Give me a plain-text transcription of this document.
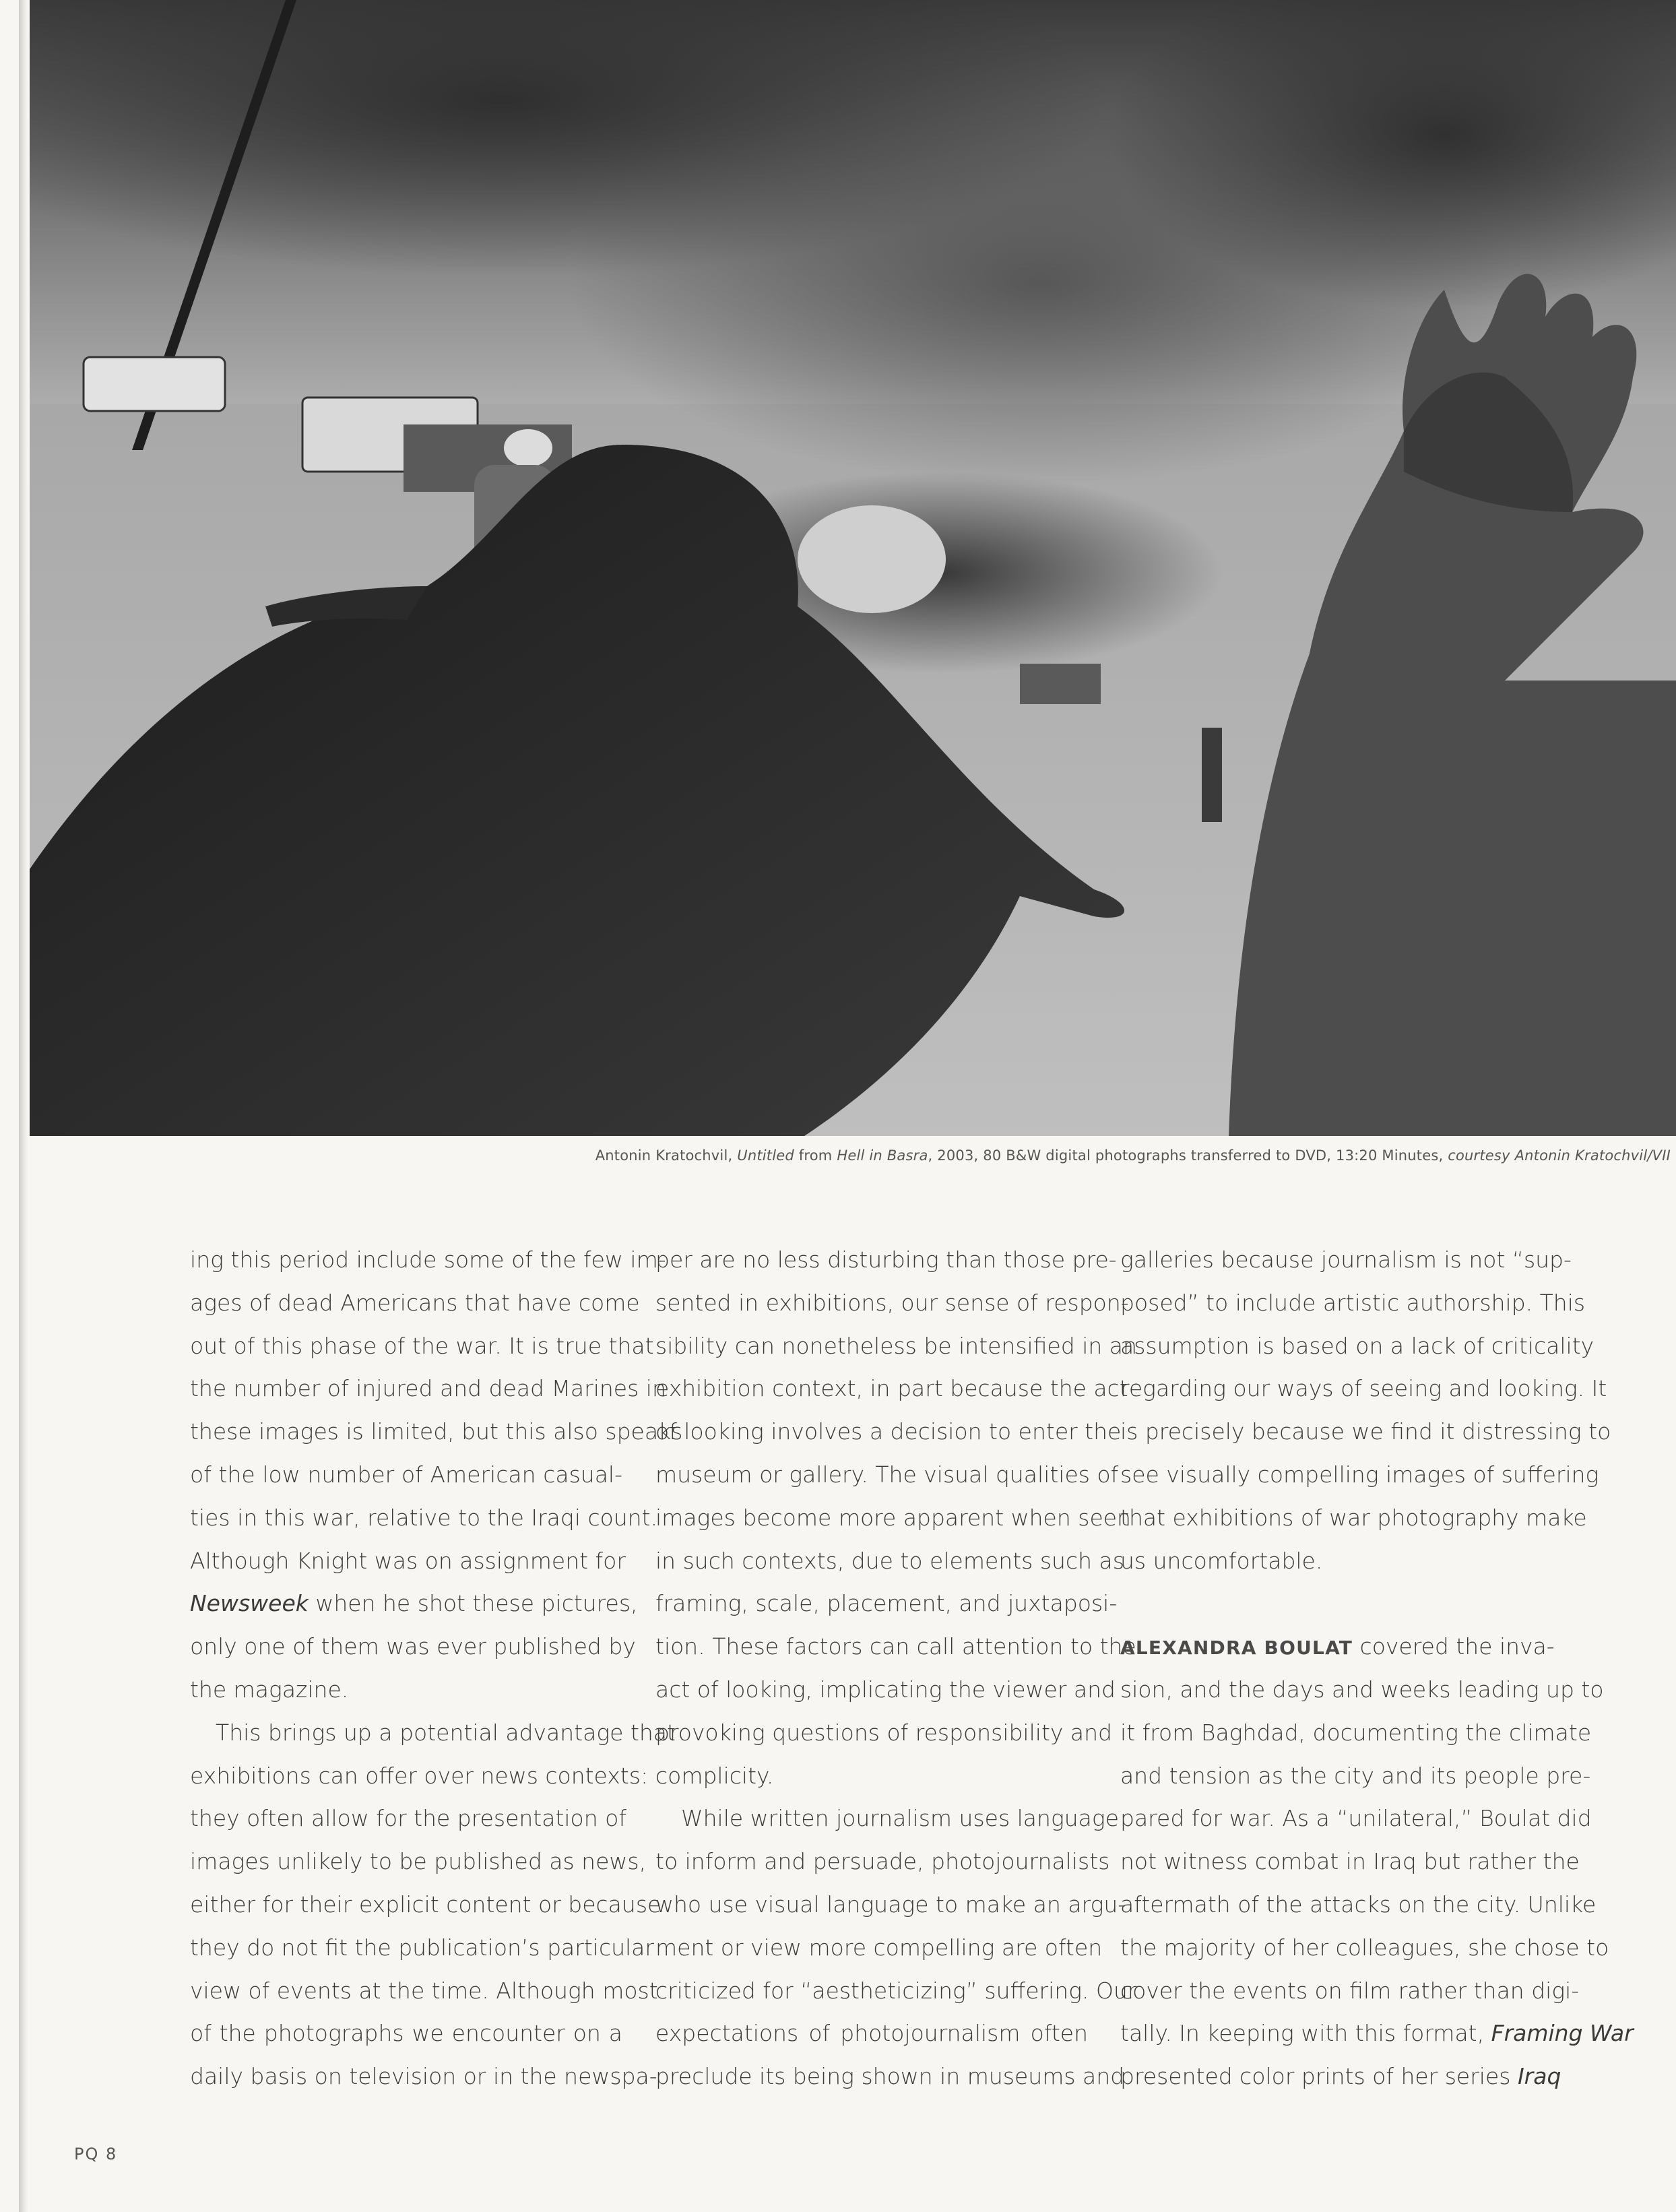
Antonin Kratochvil, Untitled from Hell in Basra, 2003, 80 B&W digital photographs transferred to DVD, 13:20 Minutes, courtesy Antonin Kratochvil/VII
ing this period include some of the few im-
ages of dead Americans that have come
out of this phase of the war. It is true that
the number of injured and dead Marines in
these images is limited, but this also speaks
of the low number of American casual-
ties in this war, relative to the Iraqi count.
Although Knight was on assignment for
Newsweek when he shot these pictures,
only one of them was ever published by
the magazine.
This brings up a potential advantage that
exhibitions can offer over news contexts:
they often allow for the presentation of
images unlikely to be published as news,
either for their explicit content or because
they do not fit the publication’s particular
view of events at the time. Although most
of the photographs we encounter on a
daily basis on television or in the newspa-
per are no less disturbing than those pre-
sented in exhibitions, our sense of respon-
sibility can nonetheless be intensified in an
exhibition context, in part because the act
of looking involves a decision to enter the
museum or gallery. The visual qualities of
images become more apparent when seen
in such contexts, due to elements such as
framing, scale, placement, and juxtaposi-
tion. These factors can call attention to the
act of looking, implicating the viewer and
provoking questions of responsibility and
complicity.
While written journalism uses language
to inform and persuade, photojournalists
who use visual language to make an argu-
ment or view more compelling are often
criticized for “aestheticizing” suffering. Our
expectations of photojournalism often
preclude its being shown in museums and
galleries because journalism is not “sup-
posed” to include artistic authorship. This
assumption is based on a lack of criticality
regarding our ways of seeing and looking. It
is precisely because we find it distressing to
see visually compelling images of suffering
that exhibitions of war photography make
us uncomfortable.
ALEXANDRA BOULAT covered the inva-
sion, and the days and weeks leading up to
it from Baghdad, documenting the climate
and tension as the city and its people pre-
pared for war. As a “unilateral,” Boulat did
not witness combat in Iraq but rather the
aftermath of the attacks on the city. Unlike
the majority of her colleagues, she chose to
cover the events on film rather than digi-
tally. In keeping with this format, Framing War
presented color prints of her series Iraq
PQ 8
